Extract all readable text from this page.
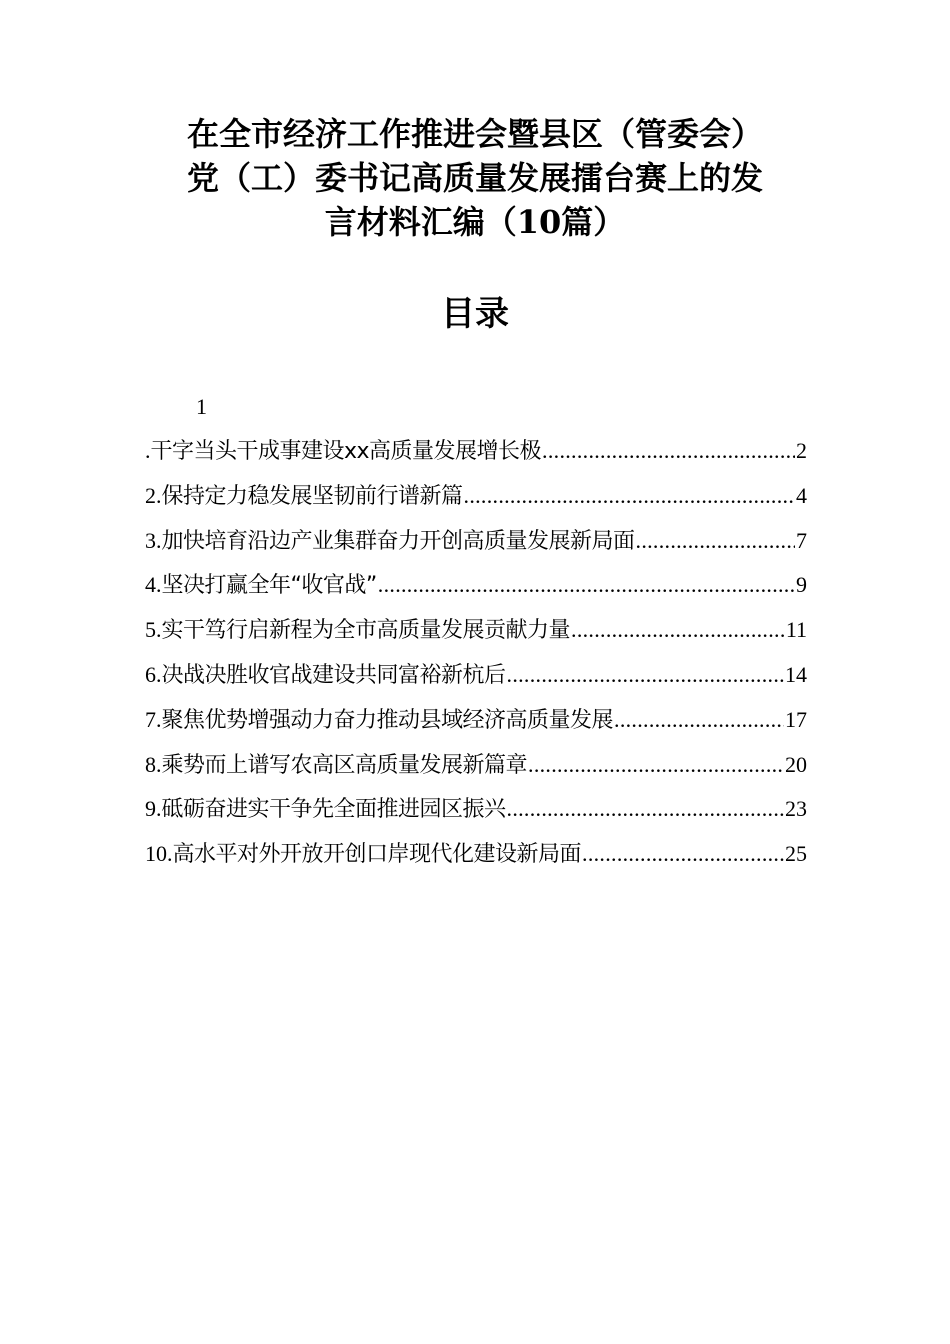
在全市经济工作推进会暨县区（管委会）
党（工）委书记高质量发展擂台赛上的发
言材料汇编（10篇）
目录
1
. 干字当头干成事建设xx高质量发展增长极 .....	2
2. 保持定力稳发展坚韧前行谱新篇 .....	4
3. 加快培育沿边产业集群奋力开创高质量发展新局面 .....	7
4. 坚决打赢全年“收官战” .....	9
5. 实干笃行启新程为全市高质量发展贡献力量 .....	11
6. 决战决胜收官战建设共同富裕新杭后 .....	14
7. 聚焦优势增强动力奋力推动县域经济高质量发展 .....	17
8. 乘势而上谱写农高区高质量发展新篇章 .....	20
9. 砥砺奋进实干争先全面推进园区振兴 .....	23
10. 高水平对外开放开创口岸现代化建设新局面 .....	25
